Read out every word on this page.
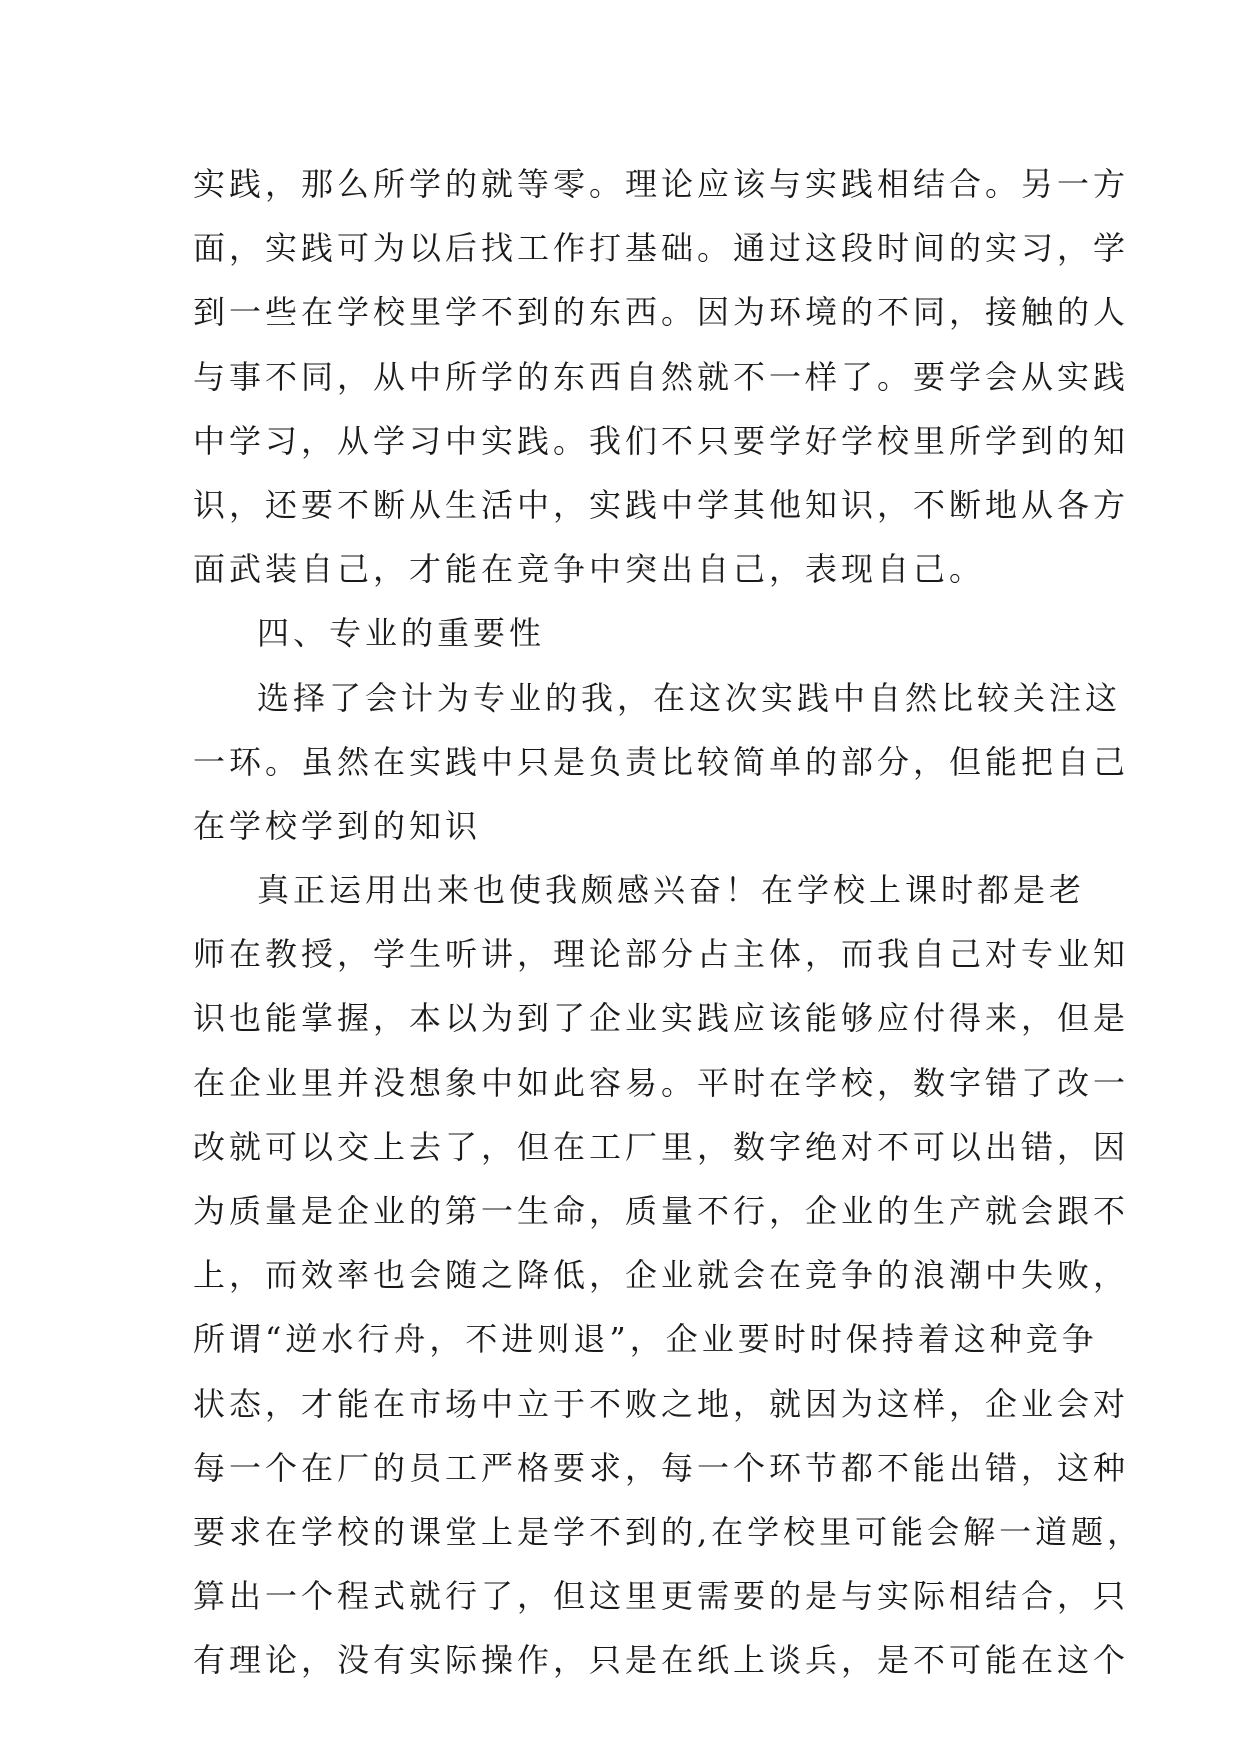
实践，那么所学的就等零。理论应该与实践相结合。另一方
面，实践可为以后找工作打基础。通过这段时间的实习，学
到一些在学校里学不到的东西。因为环境的不同，接触的人
与事不同，从中所学的东西自然就不一样了。要学会从实践
中学习，从学习中实践。我们不只要学好学校里所学到的知
识，还要不断从生活中，实践中学其他知识，不断地从各方
面武装自己，才能在竞争中突出自己，表现自己。
四、专业的重要性
选择了会计为专业的我，在这次实践中自然比较关注这
一环。虽然在实践中只是负责比较简单的部分，但能把自己
在学校学到的知识
真正运用出来也使我颇感兴奋！在学校上课时都是老
师在教授，学生听讲，理论部分占主体，而我自己对专业知
识也能掌握，本以为到了企业实践应该能够应付得来，但是
在企业里并没想象中如此容易。平时在学校，数字错了改一
改就可以交上去了，但在工厂里，数字绝对不可以出错，因
为质量是企业的第一生命，质量不行，企业的生产就会跟不
上，而效率也会随之降低，企业就会在竞争的浪潮中失败，
所谓“逆水行舟，不进则退”，企业要时时保持着这种竞争
状态，才能在市场中立于不败之地，就因为这样，企业会对
每一个在厂的员工严格要求，每一个环节都不能出错，这种
要求在学校的课堂上是学不到的,在学校里可能会解一道题，
算出一个程式就行了，但这里更需要的是与实际相结合，只
有理论，没有实际操作，只是在纸上谈兵，是不可能在这个
